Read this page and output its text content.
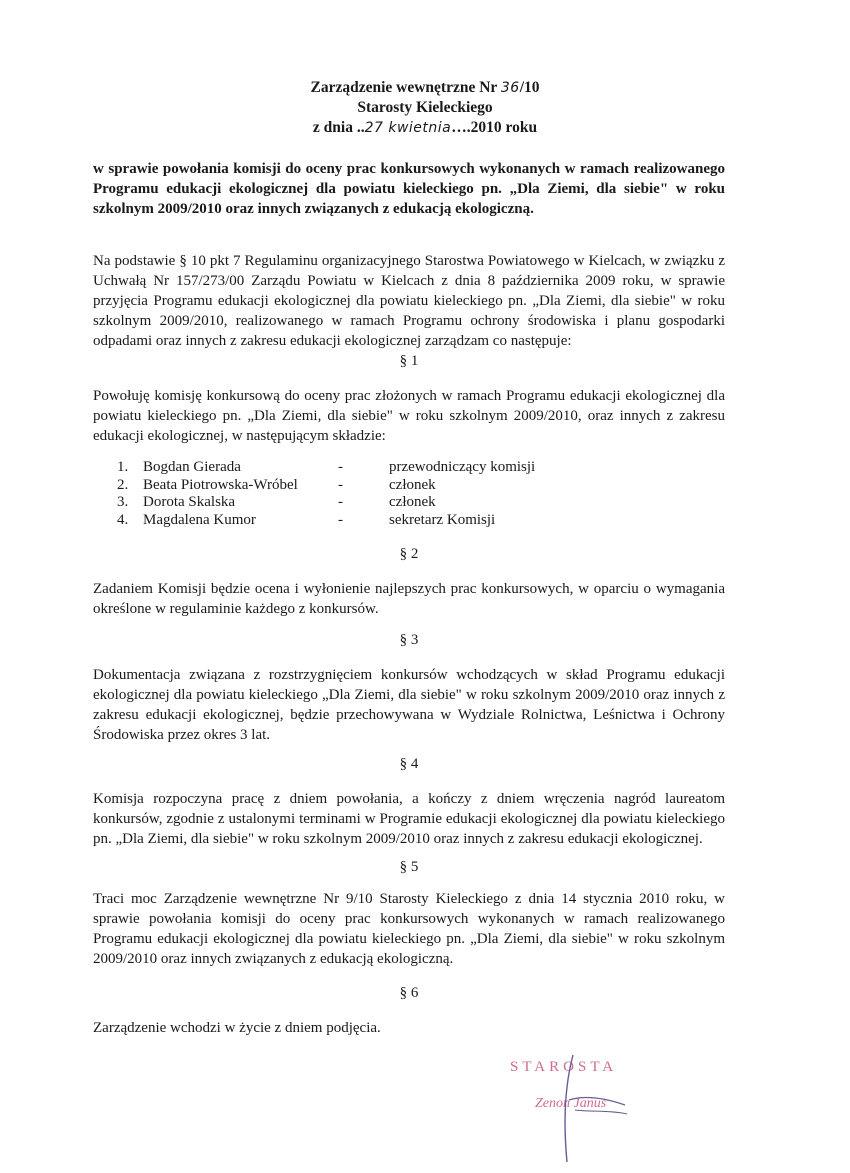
Zarządzenie wewnętrzne Nr 36/10
Starosty Kieleckiego
z dnia ..27 kwietnia….2010 roku
w sprawie powołania komisji do oceny prac konkursowych wykonanych w ramach realizowanego Programu edukacji ekologicznej dla powiatu kieleckiego pn. „Dla Ziemi, dla siebie" w roku szkolnym 2009/2010 oraz innych związanych z edukacją ekologiczną.
Na podstawie § 10 pkt 7 Regulaminu organizacyjnego Starostwa Powiatowego w Kielcach, w związku z Uchwałą Nr 157/273/00 Zarządu Powiatu w Kielcach z dnia 8 października 2009 roku, w sprawie przyjęcia Programu edukacji ekologicznej dla powiatu kieleckiego pn. „Dla Ziemi, dla siebie" w roku szkolnym 2009/2010, realizowanego w ramach Programu ochrony środowiska i planu gospodarki odpadami oraz innych z zakresu edukacji ekologicznej zarządzam co następuje:
§ 1
Powołuję komisję konkursową do oceny prac złożonych w ramach Programu edukacji ekologicznej dla powiatu kieleckiego pn. „Dla Ziemi, dla siebie" w roku szkolnym 2009/2010, oraz innych z zakresu edukacji ekologicznej, w następującym składzie:
1. Bogdan Gierada	-	przewodniczący komisji
2. Beata Piotrowska-Wróbel	-	członek
3. Dorota Skalska	-	członek
4. Magdalena Kumor	-	sekretarz Komisji
§ 2
Zadaniem Komisji będzie ocena i wyłonienie najlepszych prac konkursowych, w oparciu o wymagania określone w regulaminie każdego z konkursów.
§ 3
Dokumentacja związana z rozstrzygnięciem konkursów wchodzących w skład Programu edukacji ekologicznej dla powiatu kieleckiego „Dla Ziemi, dla siebie" w roku szkolnym 2009/2010 oraz innych z zakresu edukacji ekologicznej, będzie przechowywana w Wydziale Rolnictwa, Leśnictwa i Ochrony Środowiska przez okres 3 lat.
§ 4
Komisja rozpoczyna pracę z dniem powołania, a kończy z dniem wręczenia nagród laureatom konkursów, zgodnie z ustalonymi terminami w Programie edukacji ekologicznej dla powiatu kieleckiego pn. „Dla Ziemi, dla siebie" w roku szkolnym 2009/2010 oraz innych z zakresu edukacji ekologicznej.
§ 5
Traci moc Zarządzenie wewnętrzne Nr 9/10 Starosty Kieleckiego z dnia 14 stycznia 2010 roku, w sprawie powołania komisji do oceny prac konkursowych wykonanych w ramach realizowanego Programu edukacji ekologicznej dla powiatu kieleckiego pn. „Dla Ziemi, dla siebie" w roku szkolnym 2009/2010 oraz innych związanych z edukacją ekologiczną.
§ 6
Zarządzenie wchodzi w życie z dniem podjęcia.
STAROSTA
Zenon Janus
